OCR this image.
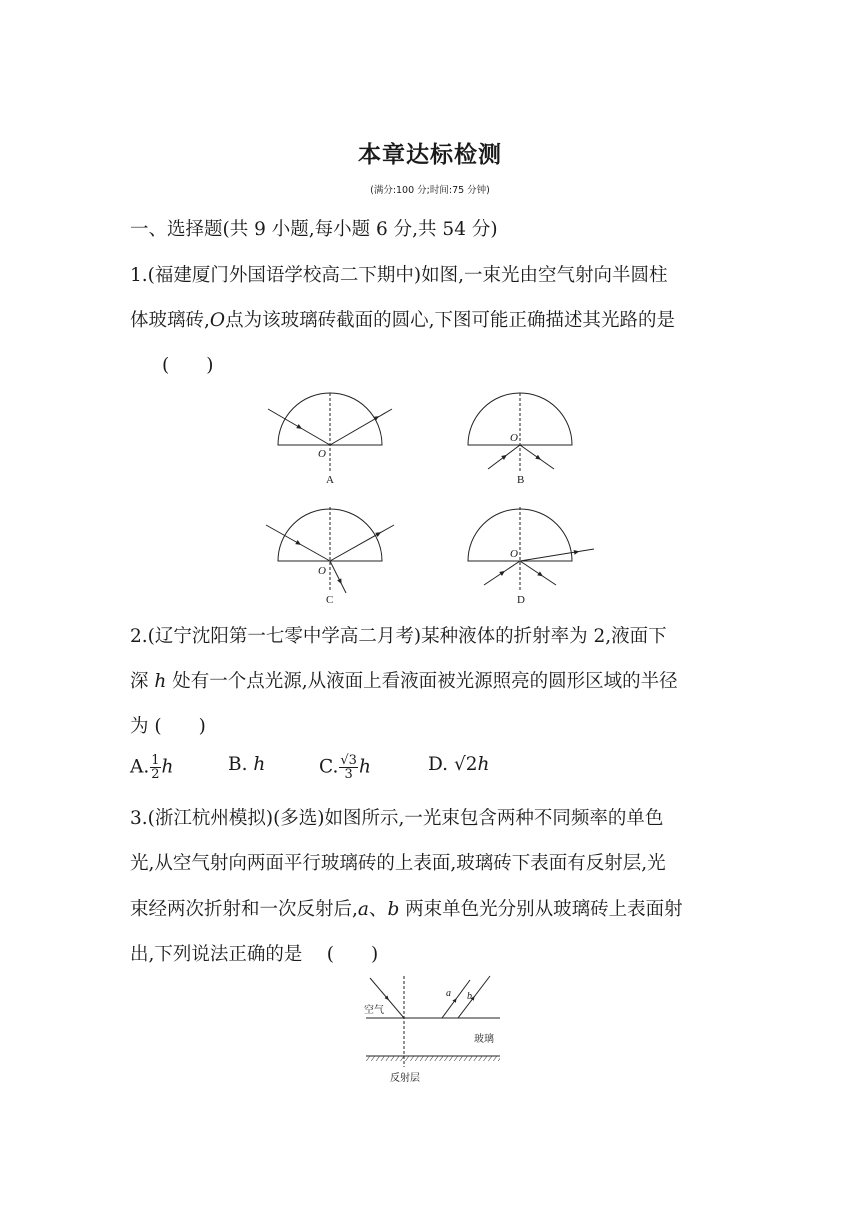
本章达标检测
(满分:100 分;时间:75 分钟)
一、选择题(共 9 小题,每小题 6 分,共 54 分)
1.(福建厦门外国语学校高二下期中)如图,一束光由空气射向半圆柱
体玻璃砖,O点为该玻璃砖截面的圆心,下图可能正确描述其光路的是
(　　)
O
O
O
O
A	B
C	D
2.(辽宁沈阳第一七零中学高二月考)某种液体的折射率为 2,液面下
深 h 处有一个点光源,从液面上看液面被光源照亮的圆形区域的半径
为 (　　)
A. $\frac{1}{2}$ h	B. h	C. $\frac{√3}{3}$ h	D. √2h
3.(浙江杭州模拟)(多选)如图所示,一光束包含两种不同频率的单色
光,从空气射向两面平行玻璃砖的上表面,玻璃砖下表面有反射层,光
束经两次折射和一次反射后,a、b 两束单色光分别从玻璃砖上表面射
出,下列说法正确的是 　(　　)
空气
玻璃
反射层
a b
